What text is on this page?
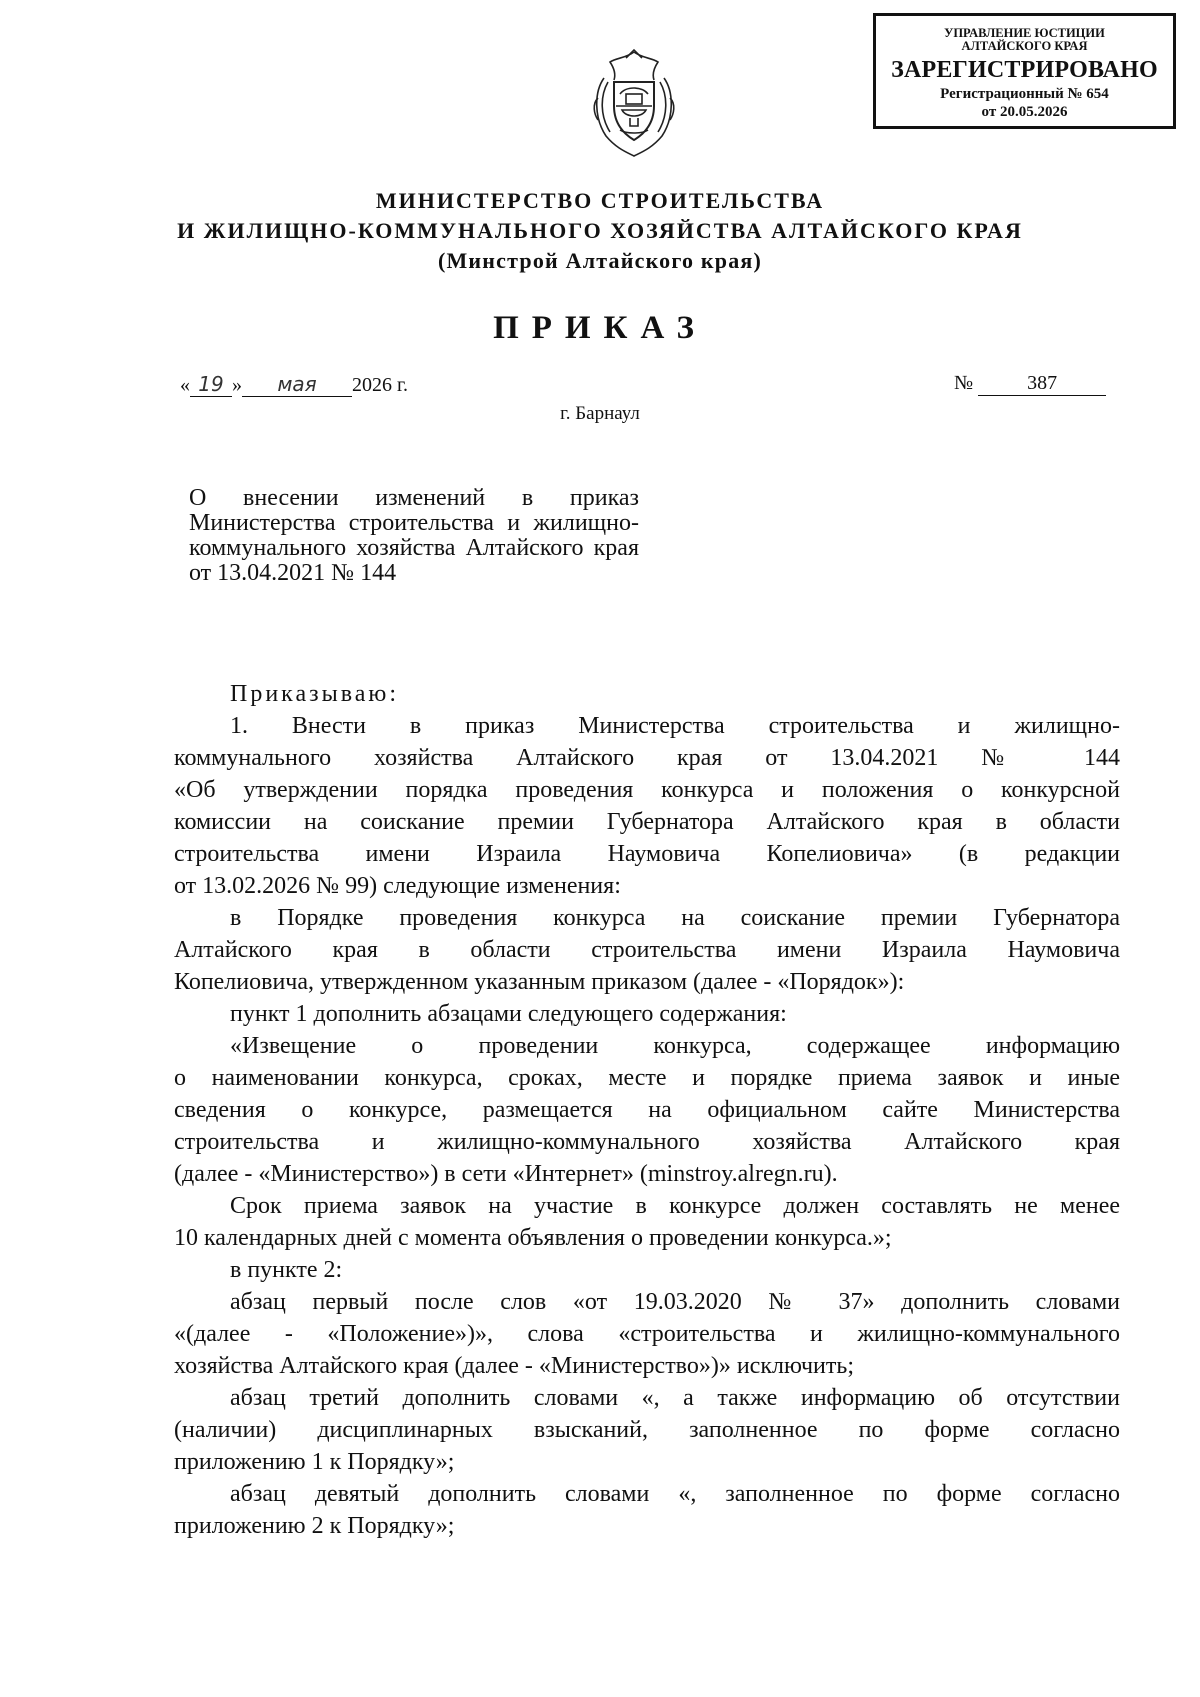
УПРАВЛЕНИЕ ЮСТИЦИИ
АЛТАЙСКОГО КРАЯ
ЗАРЕГИСТРИРОВАНО
Регистрационный № 654
от 20.05.2026
МИНИСТЕРСТВО СТРОИТЕЛЬСТВА
И ЖИЛИЩНО-КОММУНАЛЬНОГО ХОЗЯЙСТВА АЛТАЙСКОГО КРАЯ
(Минстрой Алтайского края)
ПРИКАЗ
« 19 » мая 2026 г.	№	387
г. Барнаул
О внесении изменений в приказ Министерства строительства и жилищно-коммунального хозяйства Алтайского края от 13.04.2021 № 144

Приказываю:

1. Внести в приказ Министерства строительства и жилищно-
коммунального хозяйства Алтайского края от 13.04.2021 № 144
«Об утверждении порядка проведения конкурса и положения о конкурсной
комиссии на соискание премии Губернатора Алтайского края в области
строительства имени Израила Наумовича Копелиовича» (в редакции
от 13.02.2026 № 99) следующие изменения:

в Порядке проведения конкурса на соискание премии Губернатора
Алтайского края в области строительства имени Израила Наумовича
Копелиовича, утвержденном указанным приказом (далее - «Порядок»):

пункт 1 дополнить абзацами следующего содержания:

«Извещение о проведении конкурса, содержащее информацию
о наименовании конкурса, сроках, месте и порядке приема заявок и иные
сведения о конкурсе, размещается на официальном сайте Министерства
строительства и жилищно-коммунального хозяйства Алтайского края
(далее - «Министерство») в сети «Интернет» (minstroy.alregn.ru).

Срок приема заявок на участие в конкурсе должен составлять не менее
10 календарных дней с момента объявления о проведении конкурса.»;

в пункте 2:

абзац первый после слов «от 19.03.2020 № 37» дополнить словами
«(далее - «Положение»)», слова «строительства и жилищно-коммунального
хозяйства Алтайского края (далее - «Министерство»)» исключить;

абзац третий дополнить словами «, а также информацию об отсутствии
(наличии) дисциплинарных взысканий, заполненное по форме согласно
приложению 1 к Порядку»;

абзац девятый дополнить словами «, заполненное по форме согласно
приложению 2 к Порядку»;
